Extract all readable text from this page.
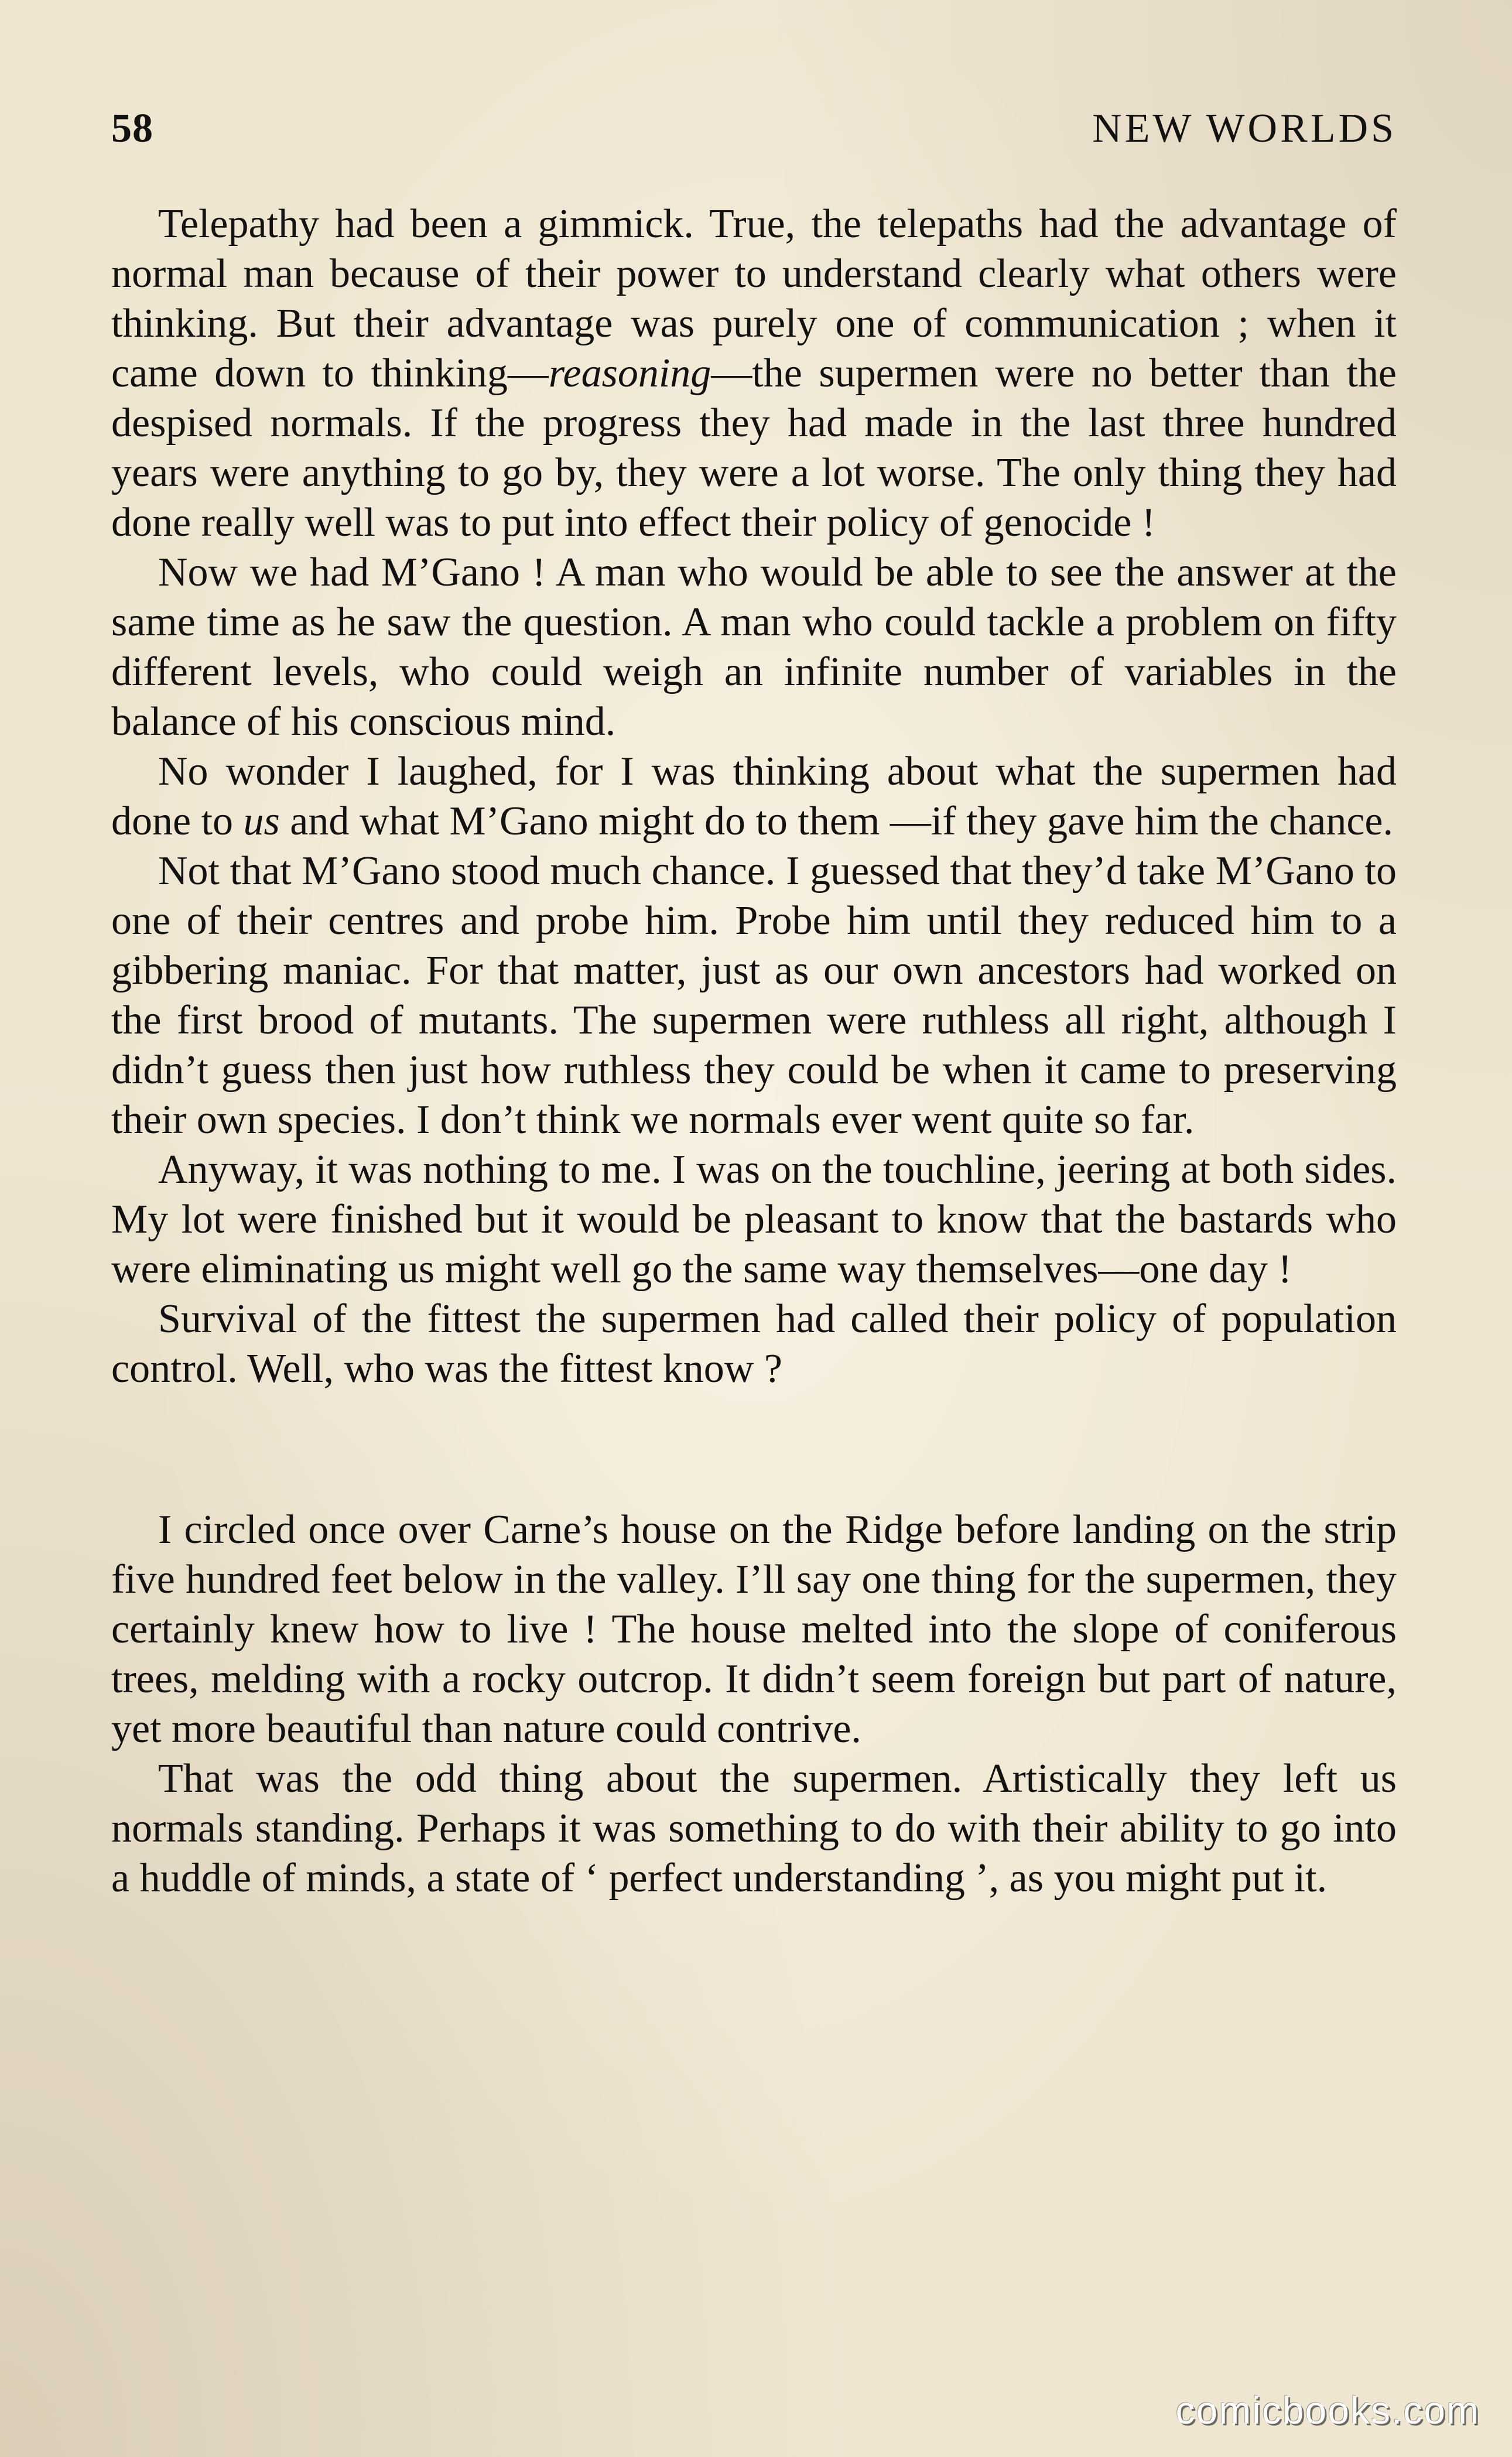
58	NEW WORLDS

Telepathy had been a gimmick. True, the telepaths had the advantage of normal man because of their power to understand clearly what others were thinking. But their advantage was purely one of communication ; when it came down to thinking—reasoning—the supermen were no better than the despised normals. If the progress they had made in the last three hundred years were anything to go by, they were a lot worse. The only thing they had done really well was to put into effect their policy of genocide !

Now we had M’Gano ! A man who would be able to see the answer at the same time as he saw the question. A man who could tackle a problem on fifty different levels, who could weigh an infinite number of variables in the balance of his conscious mind.

No wonder I laughed, for I was thinking about what the supermen had done to us and what M’Gano might do to them —if they gave him the chance.

Not that M’Gano stood much chance. I guessed that they’d take M’Gano to one of their centres and probe him. Probe him until they reduced him to a gibbering maniac. For that matter, just as our own ancestors had worked on the first brood of mutants. The supermen were ruthless all right, although I didn’t guess then just how ruthless they could be when it came to preserving their own species. I don’t think we normals ever went quite so far.

Anyway, it was nothing to me. I was on the touchline, jeering at both sides. My lot were finished but it would be pleasant to know that the bastards who were eliminating us might well go the same way themselves—one day !

Survival of the fittest the supermen had called their policy of population control. Well, who was the fittest know ?

I circled once over Carne’s house on the Ridge before landing on the strip five hundred feet below in the valley. I’ll say one thing for the supermen, they certainly knew how to live ! The house melted into the slope of coniferous trees, melding with a rocky outcrop. It didn’t seem foreign but part of nature, yet more beautiful than nature could contrive.

That was the odd thing about the supermen. Artistically they left us normals standing. Perhaps it was something to do with their ability to go into a huddle of minds, a state of ‘ perfect understanding ’, as you might put it.

comicbooks.com
